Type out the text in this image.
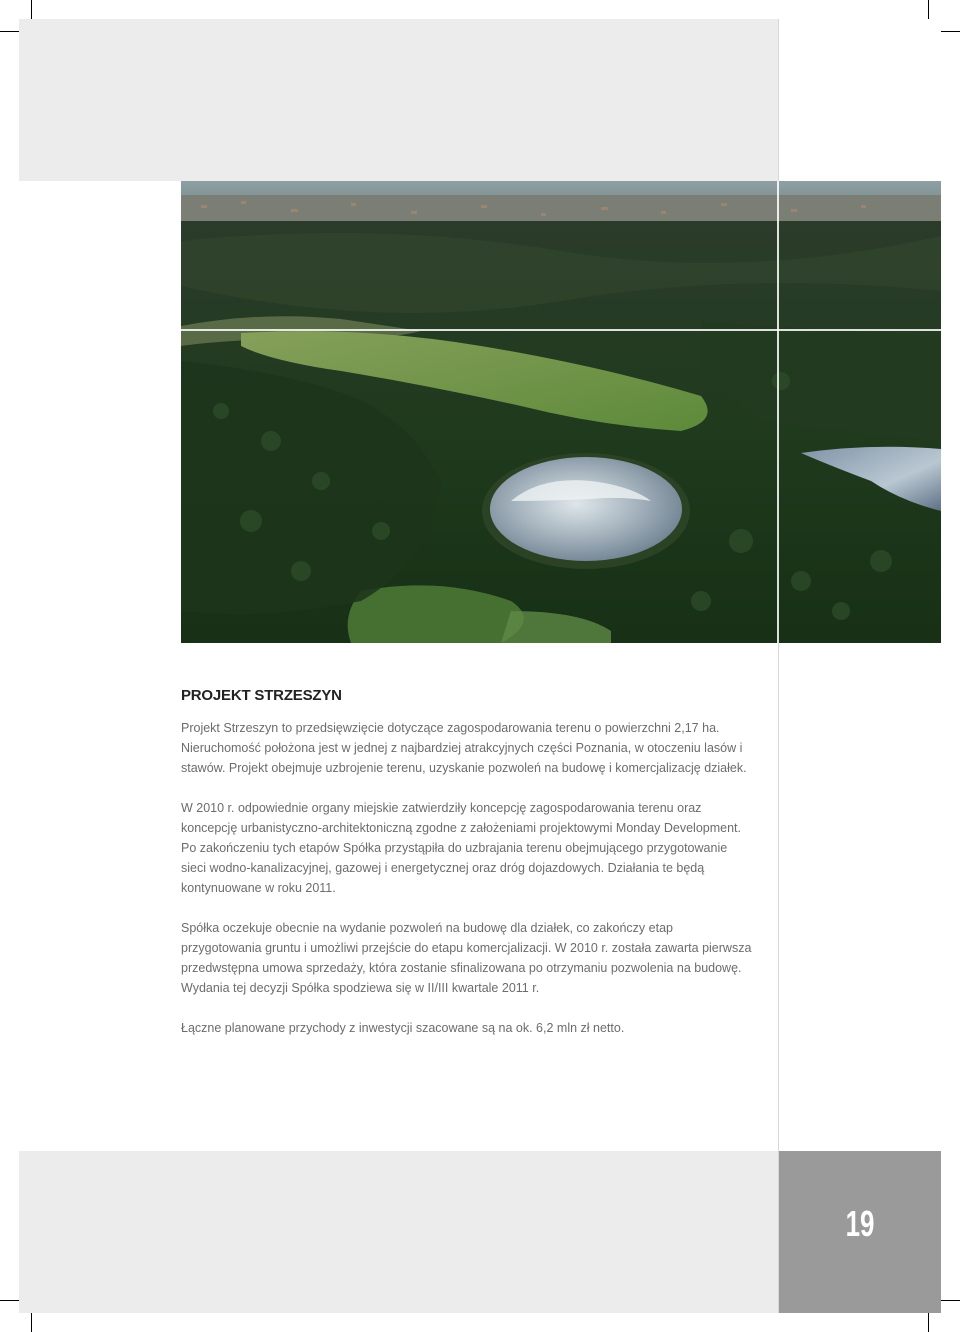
PROJEKT STRZESZYN

Projekt Strzeszyn to przedsięwzięcie dotyczące zagospodarowania terenu o powierzchni 2,17 ha. Nieruchomość położona jest w jednej z najbardziej atrakcyjnych części Poznania, w otoczeniu lasów i stawów. Projekt obejmuje uzbrojenie terenu, uzyskanie pozwoleń na budowę i komercjalizację działek.

W 2010 r. odpowiednie organy miejskie zatwierdziły koncepcję zagospodarowania terenu oraz koncepcję urbanistyczno-architektoniczną zgodne z założeniami projektowymi Monday Development. Po zakończeniu tych etapów Spółka przystąpiła do uzbrajania terenu obejmującego przygotowanie sieci wodno-kanalizacyjnej, gazowej i energetycznej oraz dróg dojazdowych. Działania te będą kontynuowane w roku 2011.

Spółka oczekuje obecnie na wydanie pozwoleń na budowę dla działek, co zakończy etap przygotowania gruntu i umożliwi przejście do etapu komercjalizacji. W 2010 r. została zawarta pierwsza przedwstępna umowa sprzedaży, która zostanie sfinalizowana po otrzymaniu pozwolenia na budowę. Wydania tej decyzji Spółka spodziewa się w II/III kwartale 2011 r.

Łączne planowane przychody z inwestycji szacowane są na ok. 6,2 mln zł netto.

19
